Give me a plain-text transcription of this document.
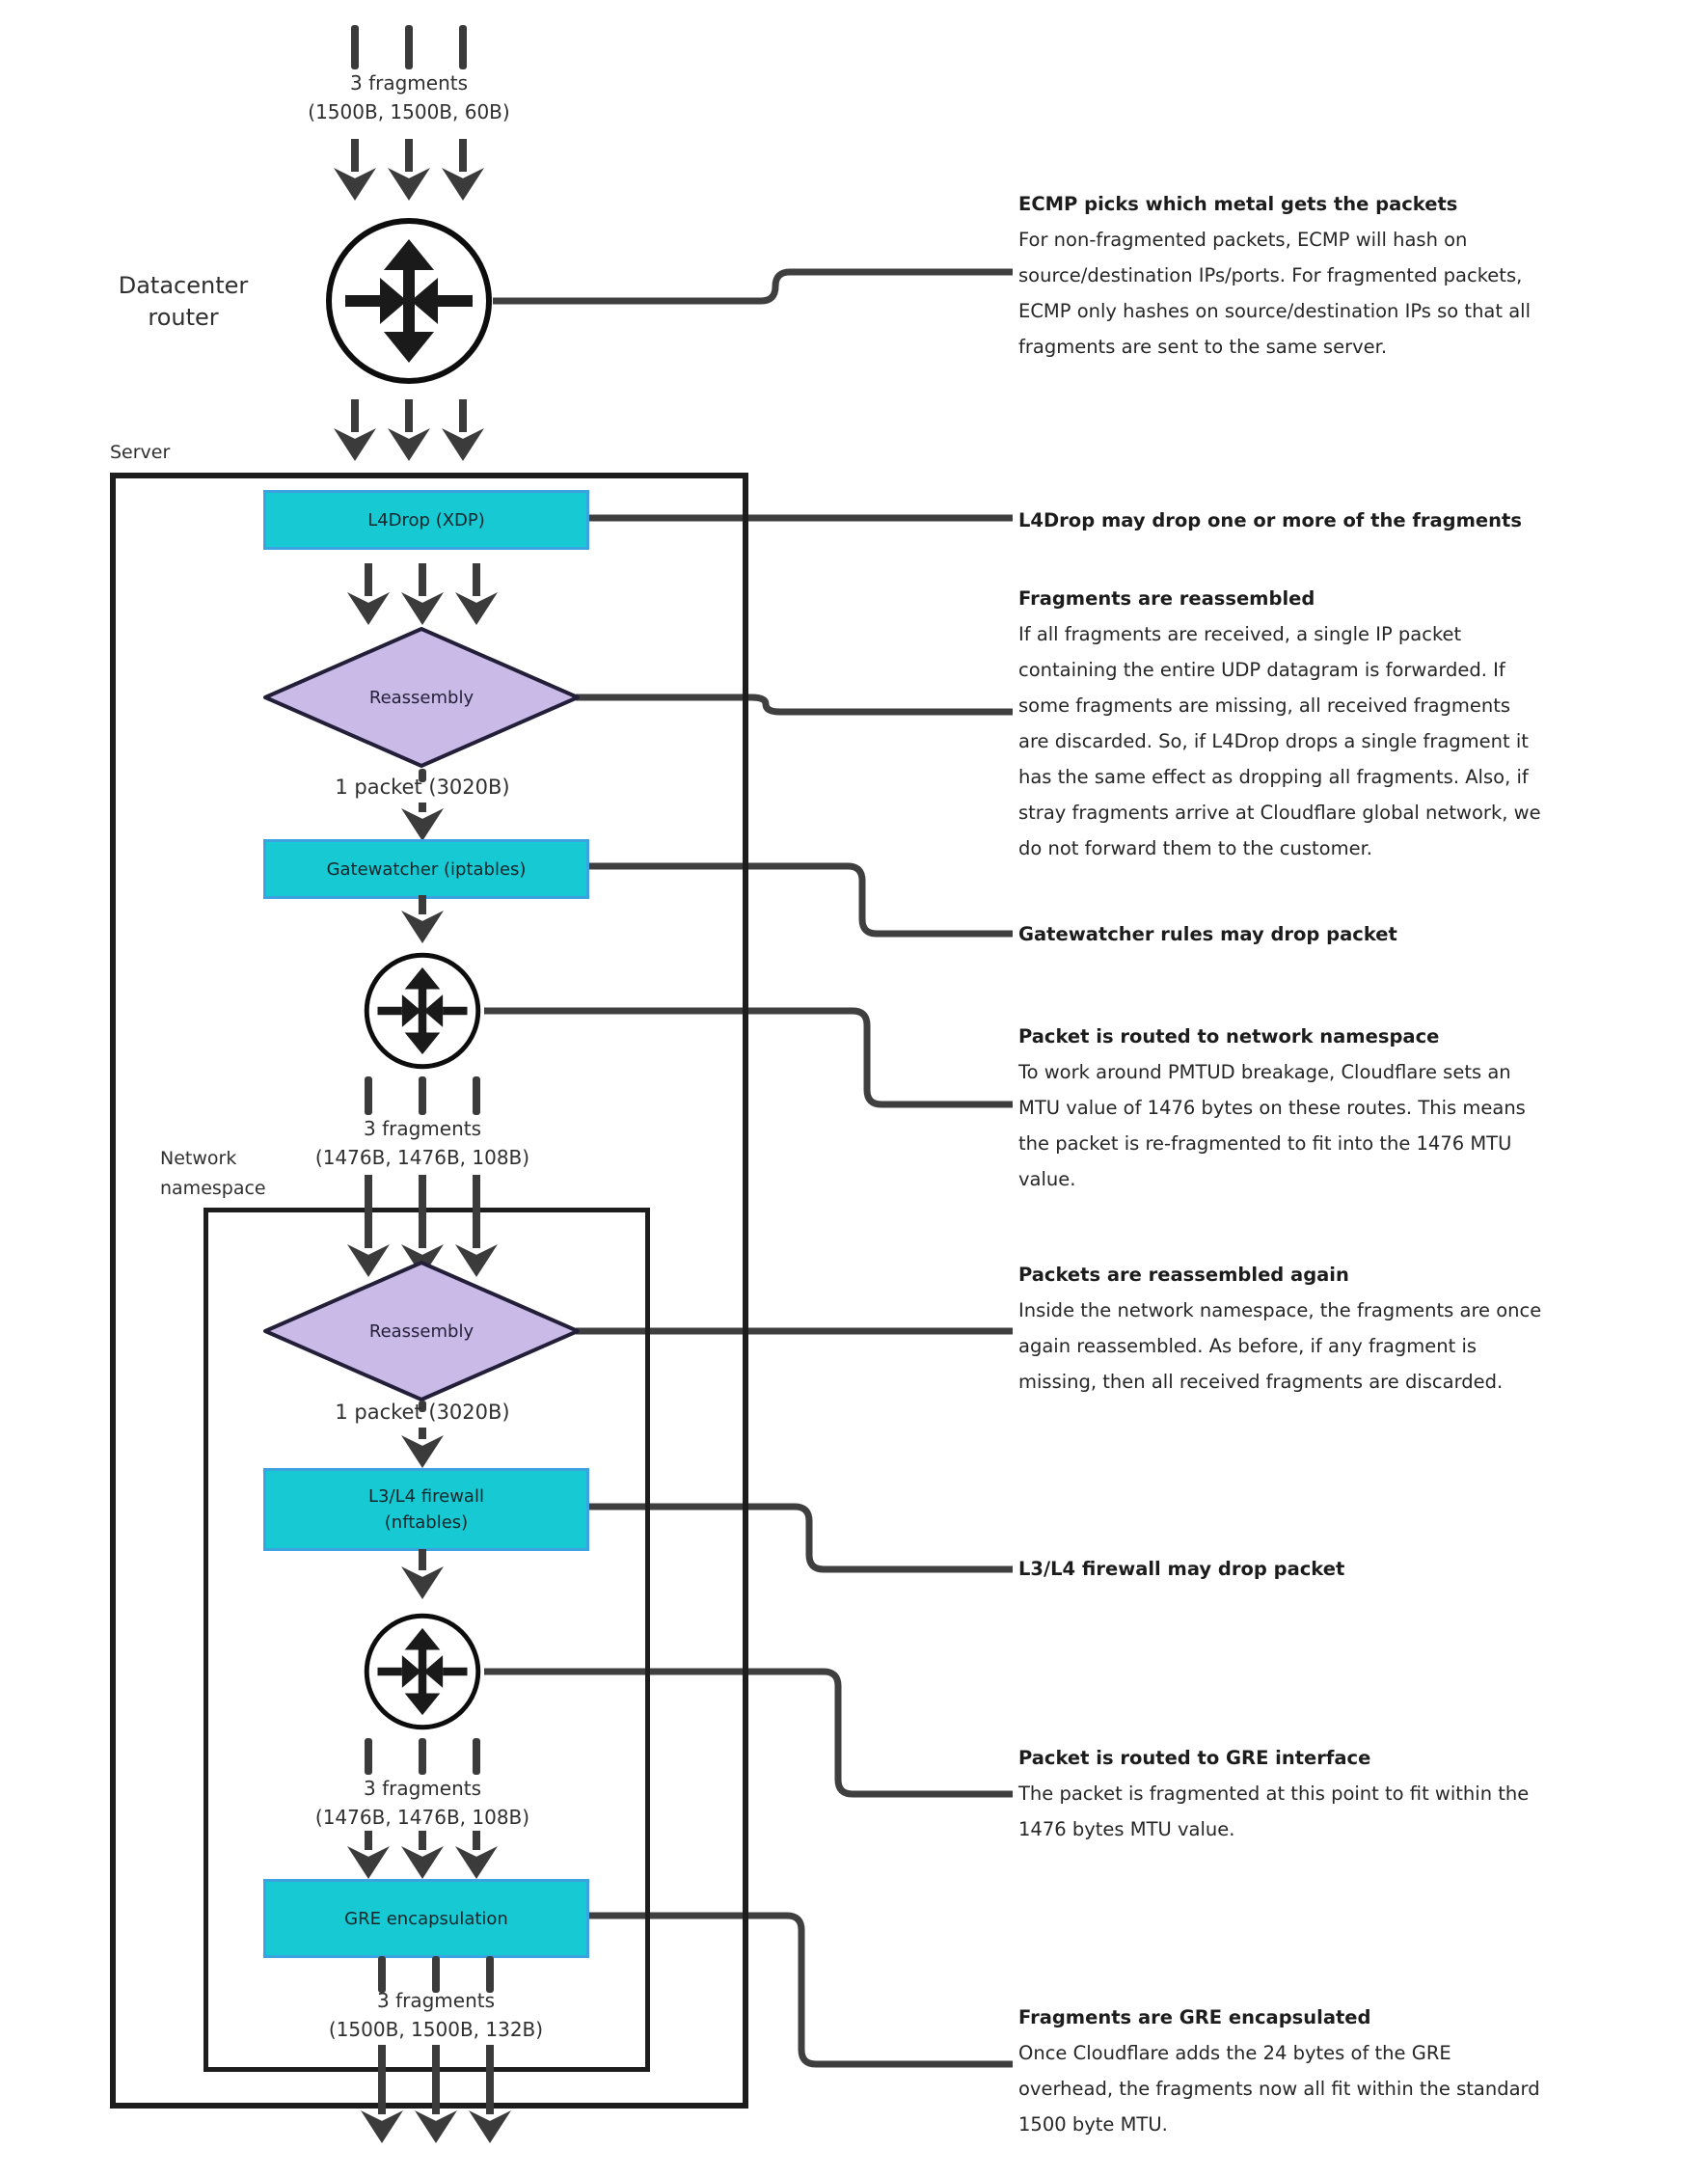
3 fragments
(1500B, 1500B, 60B)
Datacenter
router
Server
L4Drop (XDP)
Reassembly
1 packet (3020B)
Gatewatcher (iptables)
3 fragments
(1476B, 1476B, 108B)
Network
namespace
Reassembly
1 packet (3020B)
L3/L4 firewall
(nftables)
3 fragments
(1476B, 1476B, 108B)
GRE encapsulation
3 fragments
(1500B, 1500B, 132B)
ECMP picks which metal gets the packets
For non-fragmented packets, ECMP will hash on
source/destination IPs/ports. For fragmented packets,
ECMP only hashes on source/destination IPs so that all
fragments are sent to the same server.
L4Drop may drop one or more of the fragments
Fragments are reassembled
If all fragments are received, a single IP packet
containing the entire UDP datagram is forwarded. If
some fragments are missing, all received fragments
are discarded. So, if L4Drop drops a single fragment it
has the same effect as dropping all fragments. Also, if
stray fragments arrive at Cloudflare global network, we
do not forward them to the customer.
Gatewatcher rules may drop packet
Packet is routed to network namespace
To work around PMTUD breakage, Cloudflare sets an
MTU value of 1476 bytes on these routes. This means
the packet is re-fragmented to fit into the 1476 MTU
value.
Packets are reassembled again
Inside the network namespace, the fragments are once
again reassembled. As before, if any fragment is
missing, then all received fragments are discarded.
L3/L4 firewall may drop packet
Packet is routed to GRE interface
The packet is fragmented at this point to fit within the
1476 bytes MTU value.
Fragments are GRE encapsulated
Once Cloudflare adds the 24 bytes of the GRE
overhead, the fragments now all fit within the standard
1500 byte MTU.
